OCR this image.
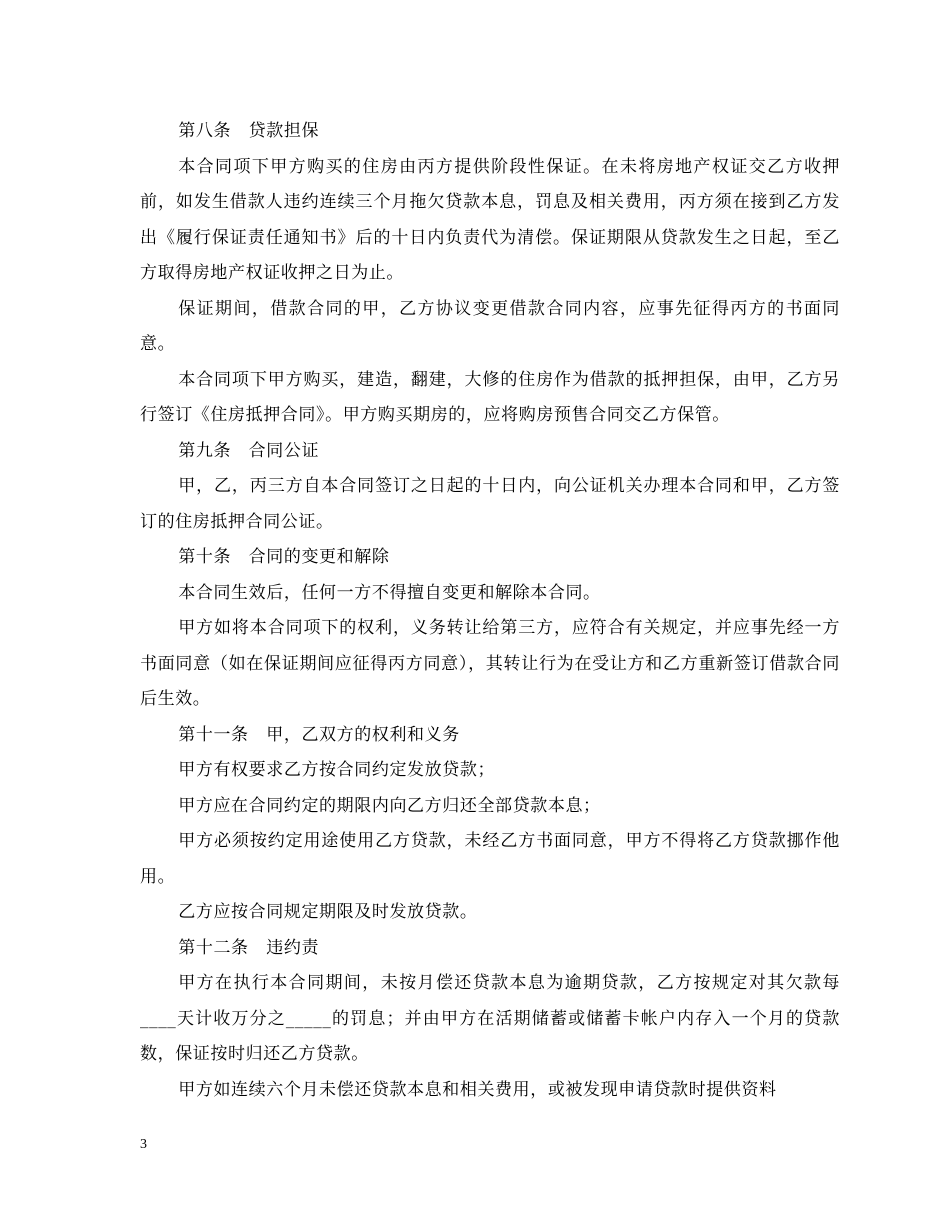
第八条　贷款担保

本合同项下甲方购买的住房由丙方提供阶段性保证。在未将房地产权证交乙方收押前，如发生借款人违约连续三个月拖欠贷款本息，罚息及相关费用，丙方须在接到乙方发出《履行保证责任通知书》后的十日内负责代为清偿。保证期限从贷款发生之日起，至乙方取得房地产权证收押之日为止。

保证期间，借款合同的甲，乙方协议变更借款合同内容，应事先征得丙方的书面同意。

本合同项下甲方购买，建造，翻建，大修的住房作为借款的抵押担保，由甲，乙方另行签订《住房抵押合同》。甲方购买期房的，应将购房预售合同交乙方保管。

第九条　合同公证

甲，乙，丙三方自本合同签订之日起的十日内，向公证机关办理本合同和甲，乙方签订的住房抵押合同公证。

第十条　合同的变更和解除

本合同生效后，任何一方不得擅自变更和解除本合同。

甲方如将本合同项下的权利，义务转让给第三方，应符合有关规定，并应事先经一方书面同意（如在保证期间应征得丙方同意），其转让行为在受让方和乙方重新签订借款合同后生效。

第十一条　甲，乙双方的权利和义务

甲方有权要求乙方按合同约定发放贷款；

甲方应在合同约定的期限内向乙方归还全部贷款本息；

甲方必须按约定用途使用乙方贷款，未经乙方书面同意，甲方不得将乙方贷款挪作他用。

乙方应按合同规定期限及时发放贷款。

第十二条　违约责

甲方在执行本合同期间，未按月偿还贷款本息为逾期贷款，乙方按规定对其欠款每____天计收万分之_____的罚息；并由甲方在活期储蓄或储蓄卡帐户内存入一个月的贷款数，保证按时归还乙方贷款。

甲方如连续六个月未偿还贷款本息和相关费用，或被发现申请贷款时提供资料

3
